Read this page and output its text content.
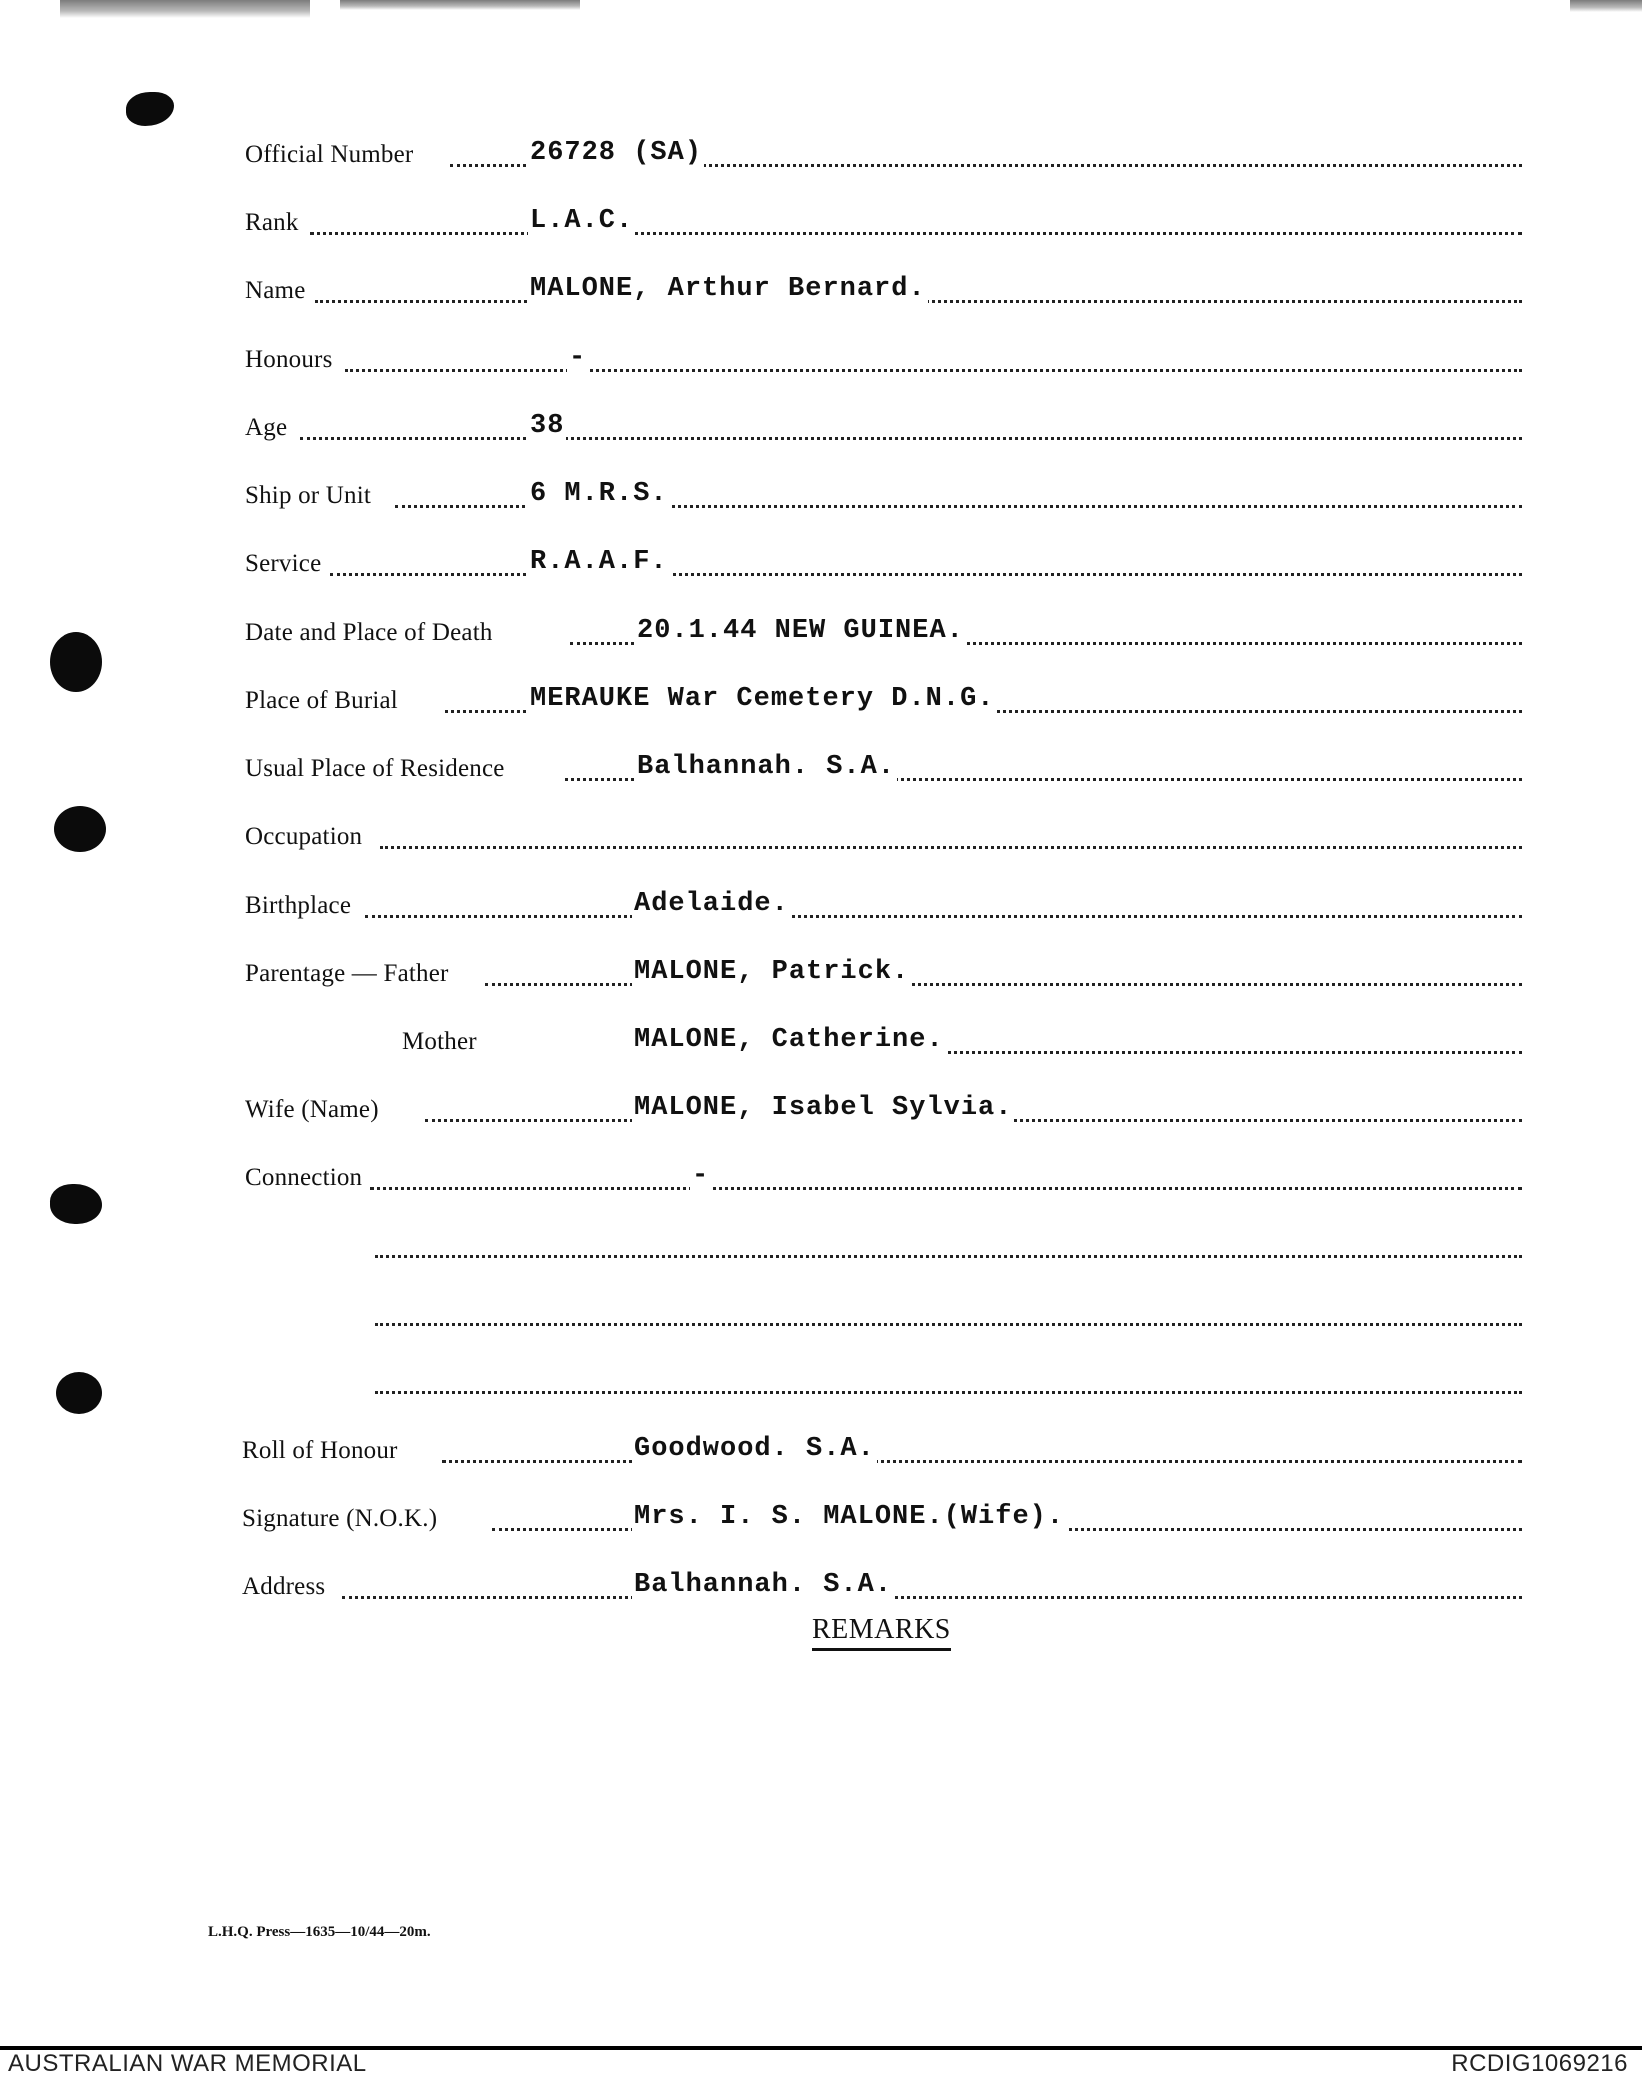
Official Number	26728 (SA)
Rank	L.A.C.
Name	MALONE, Arthur Bernard.
Honours	-
Age	38
Ship or Unit	6 M.R.S.
Service	R.A.A.F.
Date and Place of Death	20.1.44 NEW GUINEA.
Place of Burial	MERAUKE War Cemetery D.N.G.
Usual Place of Residence	Balhannah. S.A.
Occupation
Birthplace	Adelaide.
Parentage — Father	MALONE, Patrick.
Mother	MALONE, Catherine.
Wife (Name)	MALONE, Isabel Sylvia.
Connection	-
Roll of Honour	Goodwood. S.A.
Signature (N.O.K.)	Mrs. I. S. MALONE.(Wife).
Address	Balhannah. S.A.
REMARKS
L.H.Q. Press—1635—10/44—20m.
AUSTRALIAN WAR MEMORIAL	RCDIG1069216
